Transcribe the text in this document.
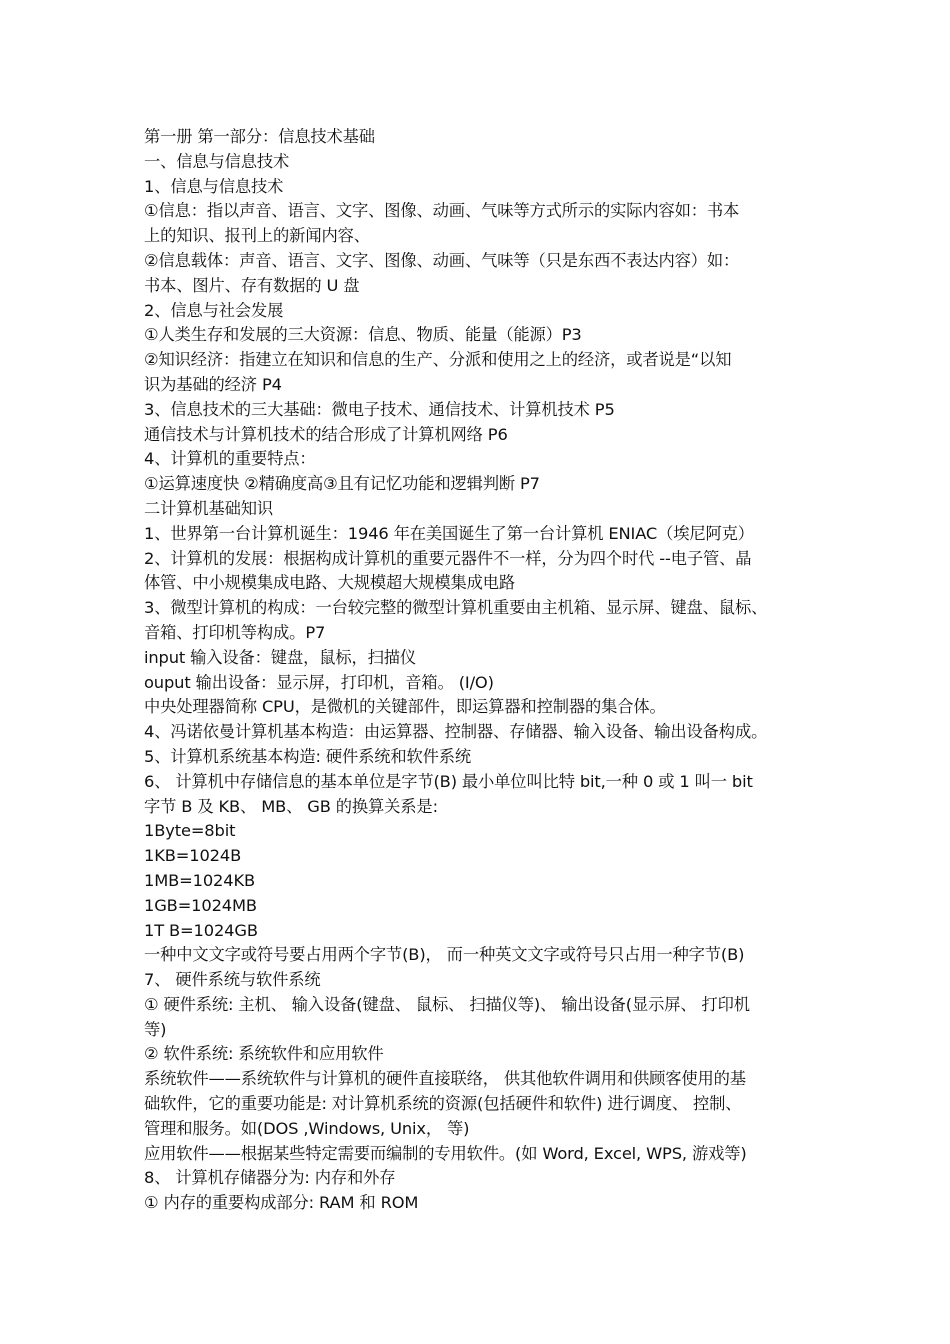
第一册 第一部分：信息技术基础
一、信息与信息技术
1、信息与信息技术
①信息：指以声音、语言、文字、图像、动画、气味等方式所示的实际内容如：书本
上的知识、报刊上的新闻内容、
②信息载体：声音、语言、文字、图像、动画、气味等（只是东西不表达内容）如：
书本、图片、存有数据的 U 盘
2、信息与社会发展
①人类生存和发展的三大资源：信息、物质、能量（能源）P3
②知识经济：指建立在知识和信息的生产、分派和使用之上的经济，或者说是“以知
识为基础的经济 P4
3、信息技术的三大基础：微电子技术、通信技术、计算机技术 P5
通信技术与计算机技术的结合形成了计算机网络 P6
4、计算机的重要特点：
①运算速度快 ②精确度高③且有记忆功能和逻辑判断 P7
二计算机基础知识
1、世界第一台计算机诞生：1946 年在美国诞生了第一台计算机 ENIAC（埃尼阿克）
2、计算机的发展：根据构成计算机的重要元器件不一样，分为四个时代 --电子管、晶
体管、中小规模集成电路、大规模超大规模集成电路
3、微型计算机的构成：一台较完整的微型计算机重要由主机箱、显示屏、键盘、鼠标、
音箱、打印机等构成。P7
input 输入设备：键盘，鼠标，扫描仪
ouput 输出设备：显示屏，打印机，音箱。 (I/O)
中央处理器简称 CPU，是微机的关键部件，即运算器和控制器的集合体。
4、冯诺依曼计算机基本构造：由运算器、控制器、存储器、输入设备、输出设备构成。
5、计算机系统基本构造: 硬件系统和软件系统
6、 计算机中存储信息的基本单位是字节(B) 最小单位叫比特 bit,一种 0 或 1 叫一 bit
字节 B 及 KB、 MB、 GB 的换算关系是:
1Byte=8bit
1KB=1024B
1MB=1024KB
1GB=1024MB
1T B=1024GB
一种中文文字或符号要占用两个字节(B)， 而一种英文文字或符号只占用一种字节(B)
7、 硬件系统与软件系统
① 硬件系统: 主机、 输入设备(键盘、 鼠标、 扫描仪等)、 输出设备(显示屏、 打印机
等)
② 软件系统: 系统软件和应用软件
系统软件——系统软件与计算机的硬件直接联络， 供其他软件调用和供顾客使用的基
础软件，它的重要功能是: 对计算机系统的资源(包括硬件和软件) 进行调度、 控制、
管理和服务。如(DOS ,Windows, Unix， 等)
应用软件——根据某些特定需要而编制的专用软件。(如 Word, Excel, WPS, 游戏等)
8、 计算机存储器分为: 内存和外存
① 内存的重要构成部分: RAM 和 ROM
